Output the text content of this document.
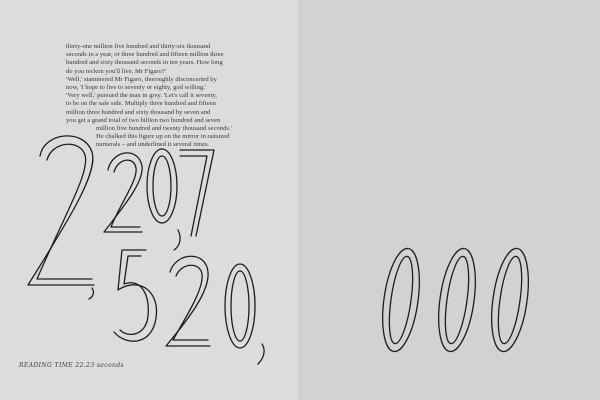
thirty-one million five hundred and thirty-six thousand

seconds in a year, or three hundred and fifteen million three

hundred and sixty thousand seconds in ten years. How long

do you reckon you'll live, Mr Figaro?'

'Well,' stammered Mr Figaro, thoroughly disconcerted by

now, 'I hope to live to seventy or eighty, god willing.'

'Very well,' pursued the man in grey. 'Let's call it seventy,

to be on the safe side. Multiply three hundred and fifteen

million three hundred and sixty thousand by seven and

you get a grand total of two billion two hundred and seven

million five hundred and twenty thousand seconds.'

He chalked this figure up on the mirror in outsized

numerals – and underlined it several times.

READING TIME 22.23 seconds
